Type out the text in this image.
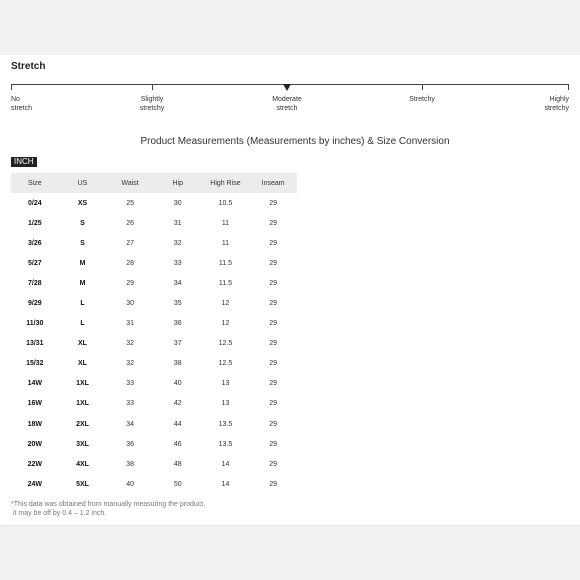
Stretch
No
stretch
Slightly
stretchy
Moderate
stretch
Stretchy	Highly
stretchy
Product Measurements (Measurements by inches) & Size Conversion
INCH
Size	US	Waist	Hip	High Rise	Inseam
0/24	XS	25	30	10.5	29
1/25	S	26	31	11	29
3/26	S	27	32	11	29
5/27	M	28	33	11.5	29
7/28	M	29	34	11.5	29
9/29	L	30	35	12	29
11/30	L	31	36	12	29
13/31	XL	32	37	12.5	29
15/32	XL	32	38	12.5	29
14W	1XL	33	40	13	29
16W	1XL	33	42	13	29
18W	2XL	34	44	13.5	29
20W	3XL	36	46	13.5	29
22W	4XL	38	48	14	29
24W	5XL	40	50	14	29
*This data was obtained from manually measuring the product,
it may be off by 0.4 – 1.2 inch.
